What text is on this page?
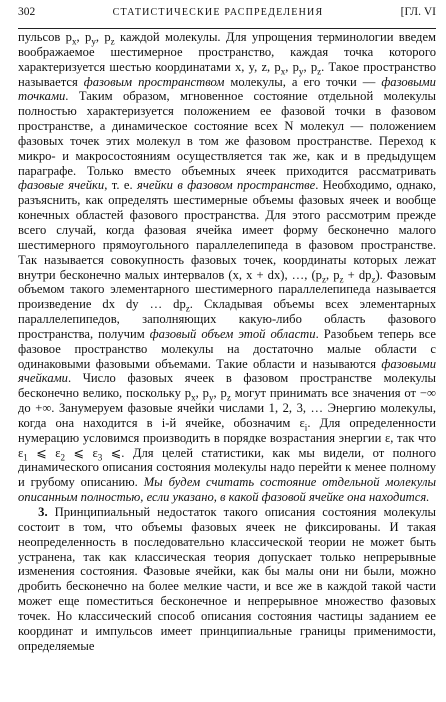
302	СТАТИСТИЧЕСКИЕ РАСПРЕДЕЛЕНИЯ	[ГЛ. VI

пульсов $p_x$, $p_y$, $p_z$ каждой молекулы. Для упрощения терминологии введем воображаемое шестимерное пространство, каждая точка которого характеризуется шестью координатами x, y, z, $p_x$, $p_y$, $p_z$. Такое пространство называется фазовым пространством молекулы, а его точки — фазовыми точками. Таким образом, мгновенное состояние отдельной молекулы полностью характеризуется положением ее фазовой точки в фазовом пространстве, а динамическое состояние всех N молекул — положением фазовых точек этих молекул в том же фазовом пространстве. Переход к микро- и макросостояниям осуществляется так же, как и в предыдущем параграфе. Только вместо объемных ячеек приходится рассматривать фазовые ячейки, т. е. ячейки в фазовом пространстве. Необходимо, однако, разъяснить, как определять шестимерные объемы фазовых ячеек и вообще конечных областей фазового пространства. Для этого рассмотрим прежде всего случай, когда фазовая ячейка имеет форму бесконечно малого шестимерного прямоугольного параллелепипеда в фазовом пространстве. Так называется совокупность фазовых точек, координаты которых лежат внутри бесконечно малых интервалов (x, x + dx), …, ($p_z$, $p_z + dp_z$). Фазовым объемом такого элементарного шестимерного параллелепипеда называется произведение dx dy … $dp_z$. Складывая объемы всех элементарных параллелепипедов, заполняющих какую-либо область фазового пространства, получим фазовый объем этой области. Разобьем теперь все фазовое пространство молекулы на достаточно малые области с одинаковыми фазовыми объемами. Такие области и называются фазовыми ячейками. Число фазовых ячеек в фазовом пространстве молекулы бесконечно велико, поскольку $p_x$, $p_y$, $p_z$ могут принимать все значения от −∞ до +∞. Занумеруем фазовые ячейки числами 1, 2, 3, … Энергию молекулы, когда она находится в i-й ячейке, обозначим $\varepsilon_i$. Для определенности нумерацию условимся производить в порядке возрастания энергии ε, так что $\varepsilon_1$ ⩽ $\varepsilon_2$ ⩽ $\varepsilon_3$ ⩽. Для целей статистики, как мы видели, от полного динамического описания состояния молекулы надо перейти к менее полному и грубому описанию. Мы будем считать состояние отдельной молекулы описанным полностью, если указано, в какой фазовой ячейке она находится.

3. Принципиальный недостаток такого описания состояния молекулы состоит в том, что объемы фазовых ячеек не фиксированы. И такая неопределенность в последовательно классической теории не может быть устранена, так как классическая теория допускает только непрерывные изменения состояния. Фазовые ячейки, как бы малы они ни были, можно дробить бесконечно на более мелкие части, и все же в каждой такой части может еще поместиться бесконечное и непрерывное множество фазовых точек. Но классический способ описания состояния частицы заданием ее координат и импульсов имеет принципиальные границы применимости, определяемые
